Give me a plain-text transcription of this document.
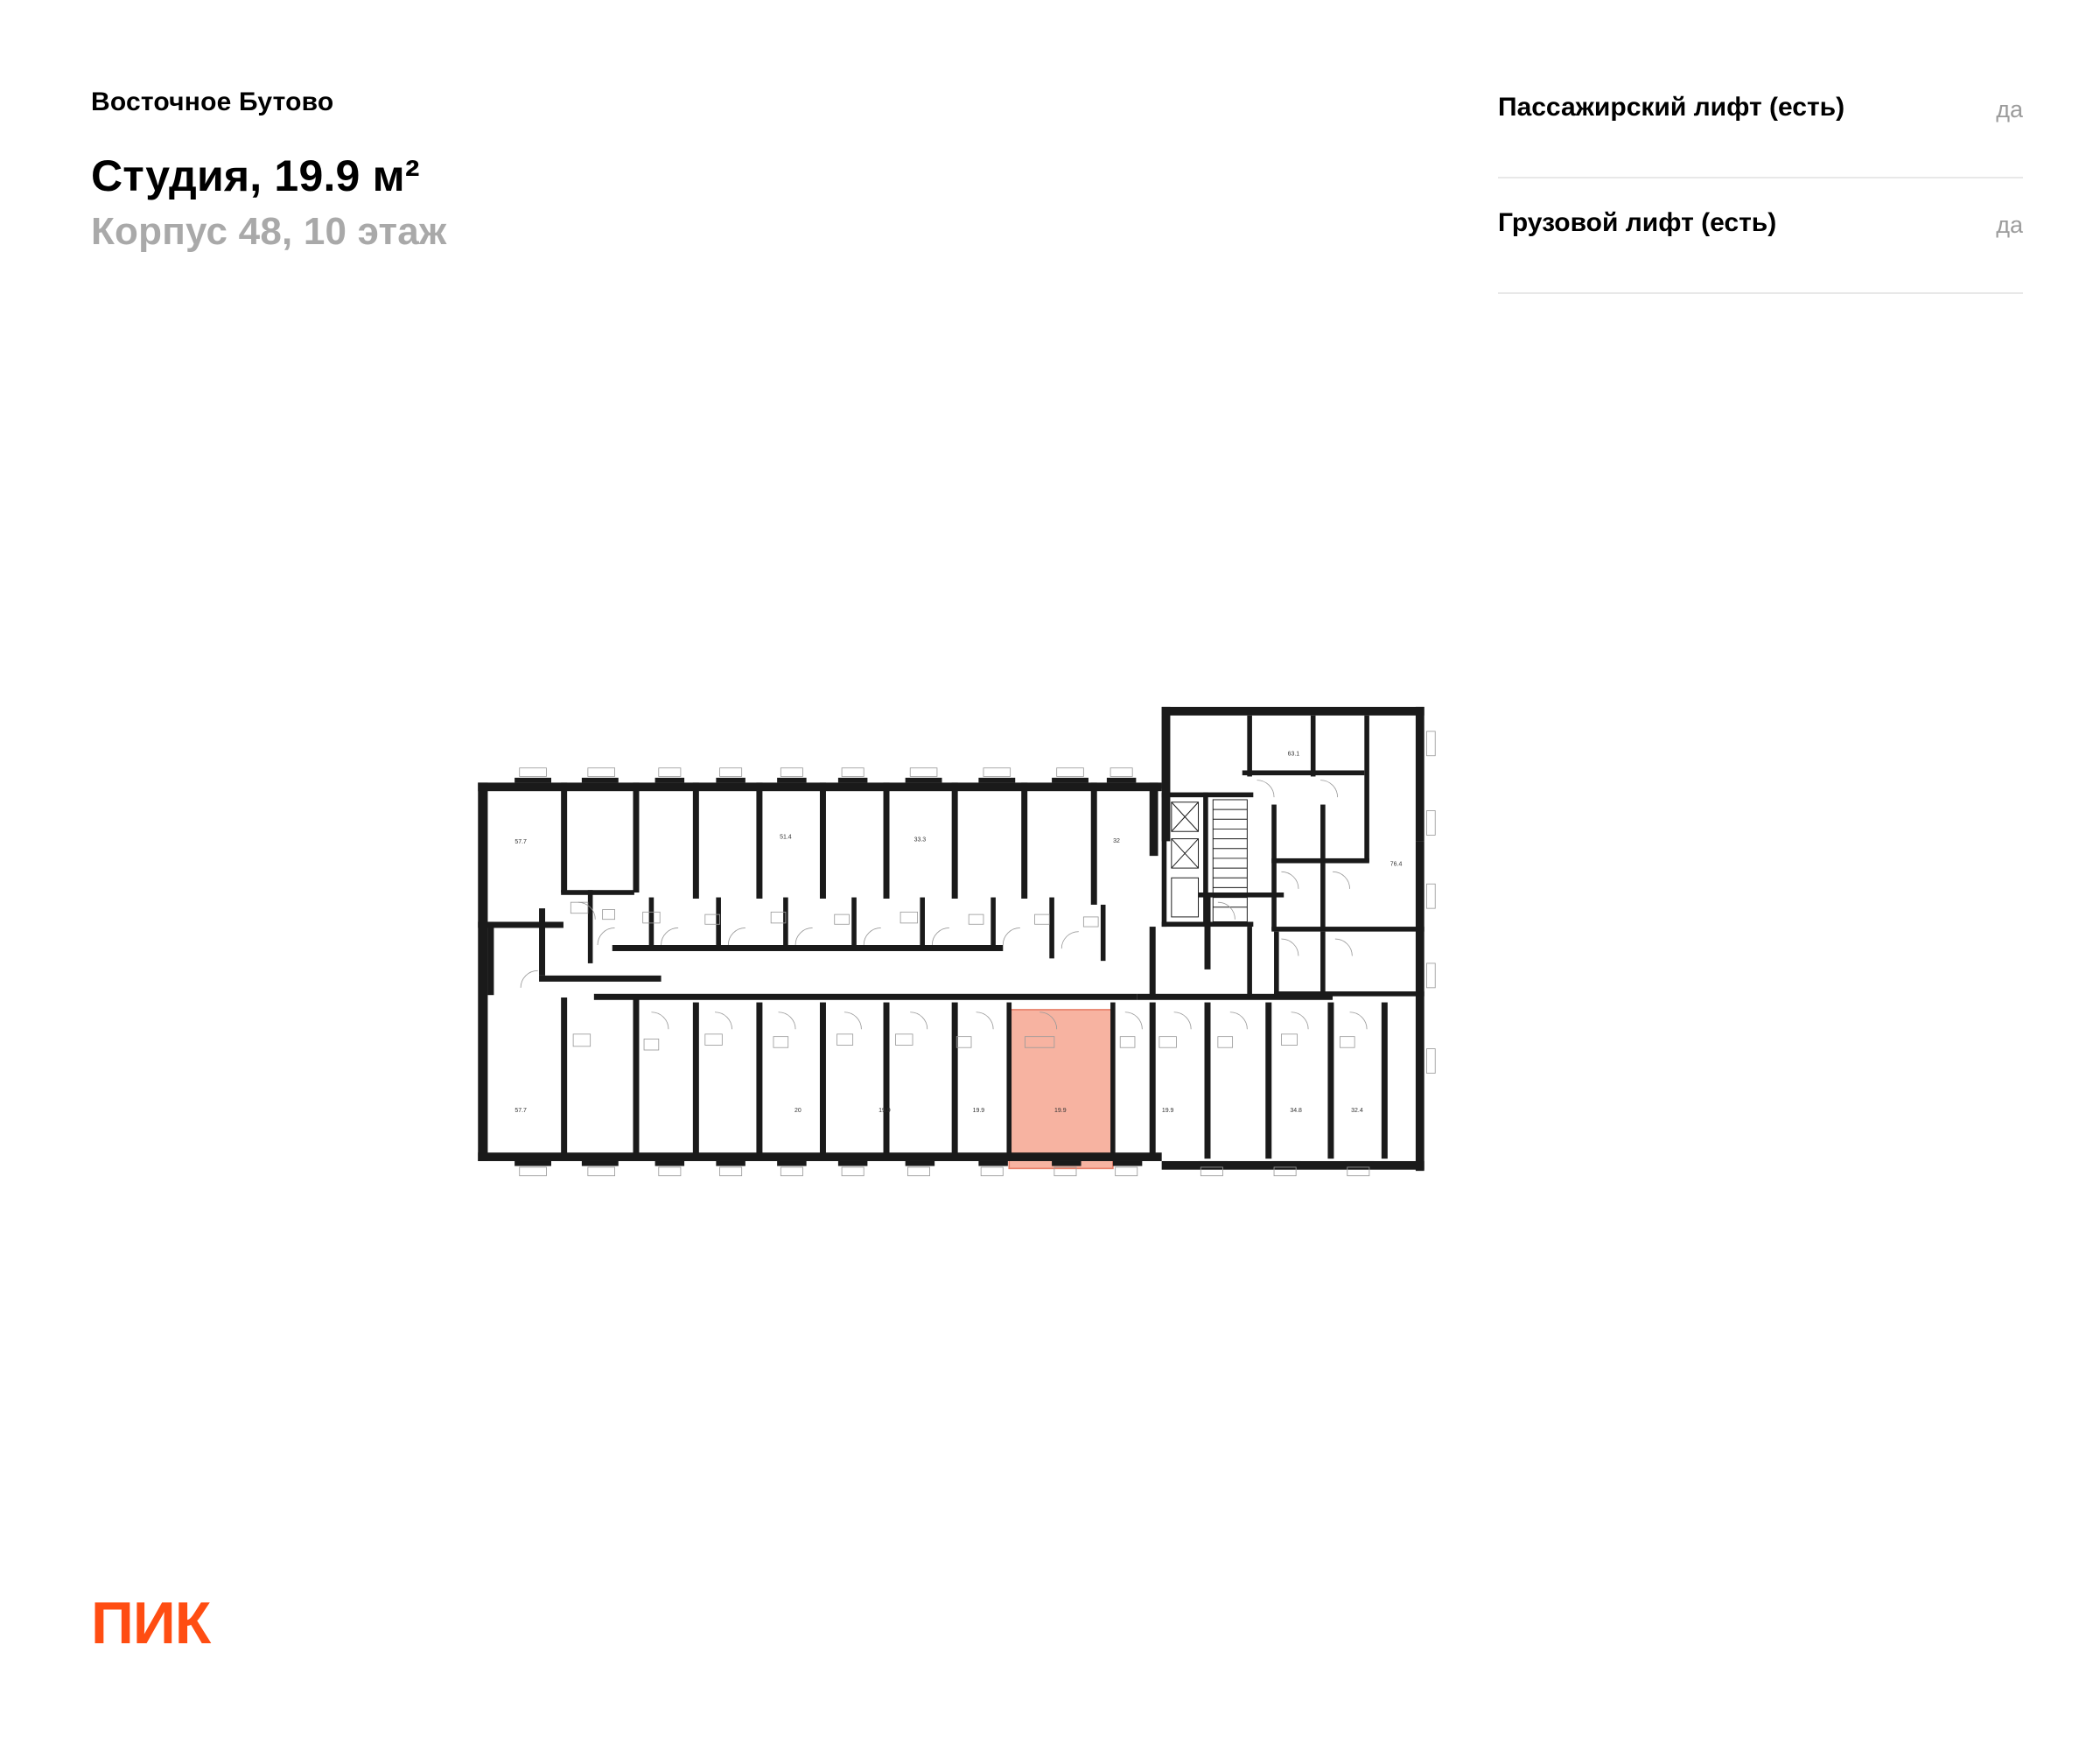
Восточное Бутово
Студия, 19.9 м²
Корпус 48, 10 этаж
Пассажирский лифт (есть)	да
Грузовой лифт (есть)	да
57.7
51.4	33.3	32
63.1
76.4
57.7	20	19.9	19.9	19.9	19.9	34.8	32.4
ПИК
